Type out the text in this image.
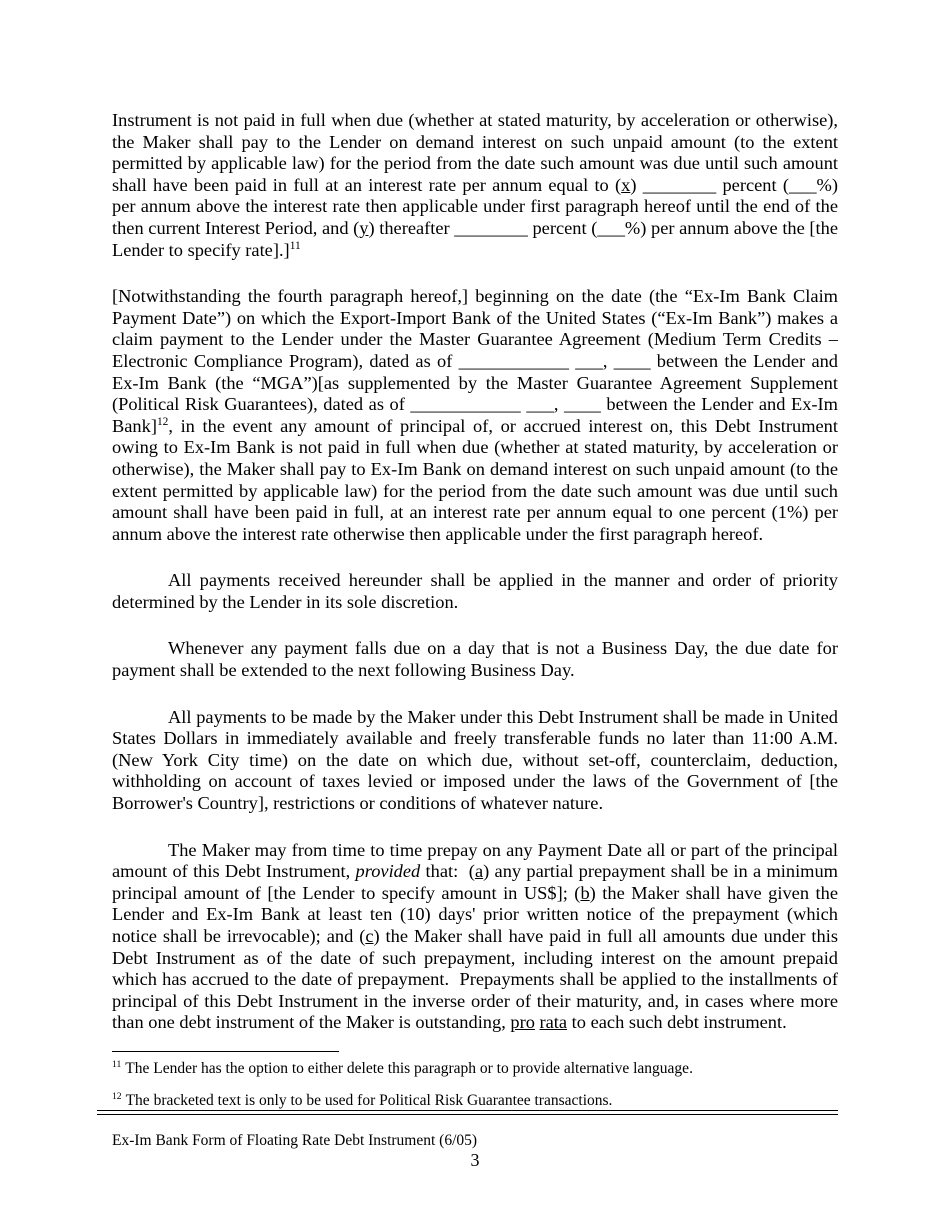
Instrument is not paid in full when due (whether at stated maturity, by acceleration or otherwise), the Maker shall pay to the Lender on demand interest on such unpaid amount (to the extent permitted by applicable law) for the period from the date such amount was due until such amount shall have been paid in full at an interest rate per annum equal to (x) ________ percent (___%) per annum above the interest rate then applicable under first paragraph hereof until the end of the then current Interest Period, and (y) thereafter ________ percent (___%) per annum above the [the Lender to specify rate].]$^{11}$

[Notwithstanding the fourth paragraph hereof,] beginning on the date (the “Ex-Im Bank Claim Payment Date”) on which the Export-Import Bank of the United States (“Ex-Im Bank”) makes a claim payment to the Lender under the Master Guarantee Agreement (Medium Term Credits – Electronic Compliance Program), dated as of ____________ ___, ____ between the Lender and Ex-Im Bank (the “MGA”)[as supplemented by the Master Guarantee Agreement Supplement (Political Risk Guarantees), dated as of ____________ ___, ____ between the Lender and Ex-Im Bank]$^{12}$, in the event any amount of principal of, or accrued interest on, this Debt Instrument owing to Ex-Im Bank is not paid in full when due (whether at stated maturity, by acceleration or otherwise), the Maker shall pay to Ex-Im Bank on demand interest on such unpaid amount (to the extent permitted by applicable law) for the period from the date such amount was due until such amount shall have been paid in full, at an interest rate per annum equal to one percent (1%) per annum above the interest rate otherwise then applicable under the first paragraph hereof.

All payments received hereunder shall be applied in the manner and order of priority determined by the Lender in its sole discretion.

Whenever any payment falls due on a day that is not a Business Day, the due date for payment shall be extended to the next following Business Day.

All payments to be made by the Maker under this Debt Instrument shall be made in United States Dollars in immediately available and freely transferable funds no later than 11:00 A.M. (New York City time) on the date on which due, without set-off, counterclaim, deduction, withholding on account of taxes levied or imposed under the laws of the Government of [the Borrower's Country], restrictions or conditions of whatever nature.

The Maker may from time to time prepay on any Payment Date all or part of the principal amount of this Debt Instrument, provided that:  (a) any partial prepayment shall be in a minimum principal amount of [the Lender to specify amount in US$]; (b) the Maker shall have given the Lender and Ex-Im Bank at least ten (10) days' prior written notice of the prepayment (which notice shall be irrevocable); and (c) the Maker shall have paid in full all amounts due under this Debt Instrument as of the date of such prepayment, including interest on the amount prepaid which has accrued to the date of prepayment.  Prepayments shall be applied to the installments of principal of this Debt Instrument in the inverse order of their maturity, and, in cases where more than one debt instrument of the Maker is outstanding, pro rata to each such debt instrument.

$^{11}$ The Lender has the option to either delete this paragraph or to provide alternative language.

$^{12}$ The bracketed text is only to be used for Political Risk Guarantee transactions.

Ex-Im Bank Form of Floating Rate Debt Instrument (6/05)
3
